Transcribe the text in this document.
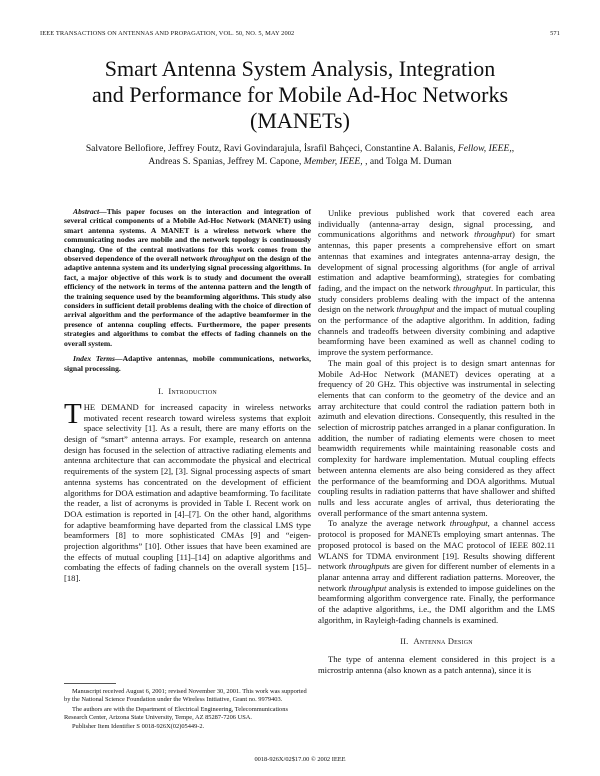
IEEE TRANSACTIONS ON ANTENNAS AND PROPAGATION, VOL. 50, NO. 5, MAY 2002	571
Smart Antenna System Analysis, Integration
and Performance for Mobile Ad-Hoc Networks
(MANETs)
Salvatore Bellofiore, Jeffrey Foutz, Ravi Govindarajula, İsrafil Bahçeci, Constantine A. Balanis, Fellow, IEEE,,
Andreas S. Spanias, Jeffrey M. Capone, Member, IEEE, , and Tolga M. Duman

Abstract—This paper focuses on the interaction and integration of several critical components of a Mobile Ad-Hoc Network (MANET) using smart antenna systems. A MANET is a wireless network where the communicating nodes are mobile and the network topology is continuously changing. One of the central motivations for this work comes from the observed dependence of the overall network throughput on the design of the adaptive antenna system and its underlying signal processing algorithms. In fact, a major objective of this work is to study and document the overall efficiency of the network in terms of the antenna pattern and the length of the training sequence used by the beamforming algorithms. This study also considers in sufficient detail problems dealing with the choice of direction of arrival algorithm and the performance of the adaptive beamformer in the presence of antenna coupling effects. Furthermore, the paper presents strategies and algorithms to combat the effects of fading channels on the overall system.

Index Terms—Adaptive antennas, mobile communications, networks, signal processing.

I. Introduction

THE DEMAND for increased capacity in wireless networks motivated recent research toward wireless systems that exploit space selectivity [1]. As a result, there are many efforts on the design of “smart” antenna arrays. For example, research on antenna design has focused in the selection of attractive radiating elements and antenna architecture that can accommodate the physical and electrical requirements of the system [2], [3]. Signal processing aspects of smart antenna systems has concentrated on the development of efficient algorithms for DOA estimation and adaptive beamforming. To facilitate the reader, a list of acronyms is provided in Table I. Recent work on DOA estimation is reported in [4]–[7]. On the other hand, algorithms for adaptive beamforming have departed from the classical LMS type beamformers [8] to more sophisticated CMAs [9] and “eigen-projection algorithms” [10]. Other issues that have been examined are the effects of mutual coupling [11]–[14] on adaptive algorithms and combating the effects of fading channels on the overall system [15]–[18].

Manuscript received August 6, 2001; revised November 30, 2001. This work was supported by the National Science Foundation under the Wireless Initiative, Grant no. 9979403.

The authors are with the Department of Electrical Engineering, Telecommunications Research Center, Arizona State University, Tempe, AZ 85287-7206 USA.

Publisher Item Identifier S 0018-926X(02)05449-2.

Unlike previous published work that covered each area individually (antenna-array design, signal processing, and communications algorithms and network throughput) for smart antennas, this paper presents a comprehensive effort on smart antennas that examines and integrates antenna-array design, the development of signal processing algorithms (for angle of arrival estimation and adaptive beamforming), strategies for combating fading, and the impact on the network throughput. In particular, this study considers problems dealing with the impact of the antenna design on the network throughput and the impact of mutual coupling on the performance of the adaptive algorithm. In addition, fading channels and tradeoffs between diversity combining and adaptive beamforming have been examined as well as channel coding to improve the system performance.

The main goal of this project is to design smart antennas for Mobile Ad-Hoc Network (MANET) devices operating at a frequency of 20 GHz. This objective was instrumental in selecting elements that can conform to the geometry of the device and an array architecture that could control the radiation pattern both in azimuth and elevation directions. Consequently, this resulted in the selection of microstrip patches arranged in a planar configuration. In addition, the number of radiating elements were chosen to meet beamwidth requirements while maintaining reasonable costs and complexity for hardware implementation. Mutual coupling effects between antenna elements are also being considered as they affect the performance of the beamforming and DOA algorithms. Mutual coupling results in radiation patterns that have shallower and shifted nulls and less accurate angles of arrival, thus deteriorating the overall performance of the smart antenna system.

To analyze the average network throughput, a channel access protocol is proposed for MANETs employing smart antennas. The proposed protocol is based on the MAC protocol of IEEE 802.11 WLANS for TDMA environment [19]. Results showing different network throughputs are given for different number of elements in a planar antenna array and different radiation patterns. Moreover, the network throughput analysis is extended to impose guidelines on the beamforming algorithm convergence rate. Finally, the performance of the adaptive algorithms, i.e., the DMI algorithm and the LMS algorithm, in Rayleigh-fading channels is examined.

II. Antenna Design

The type of antenna element considered in this project is a microstrip antenna (also known as a patch antenna), since it is

0018-926X/02$17.00 © 2002 IEEE
